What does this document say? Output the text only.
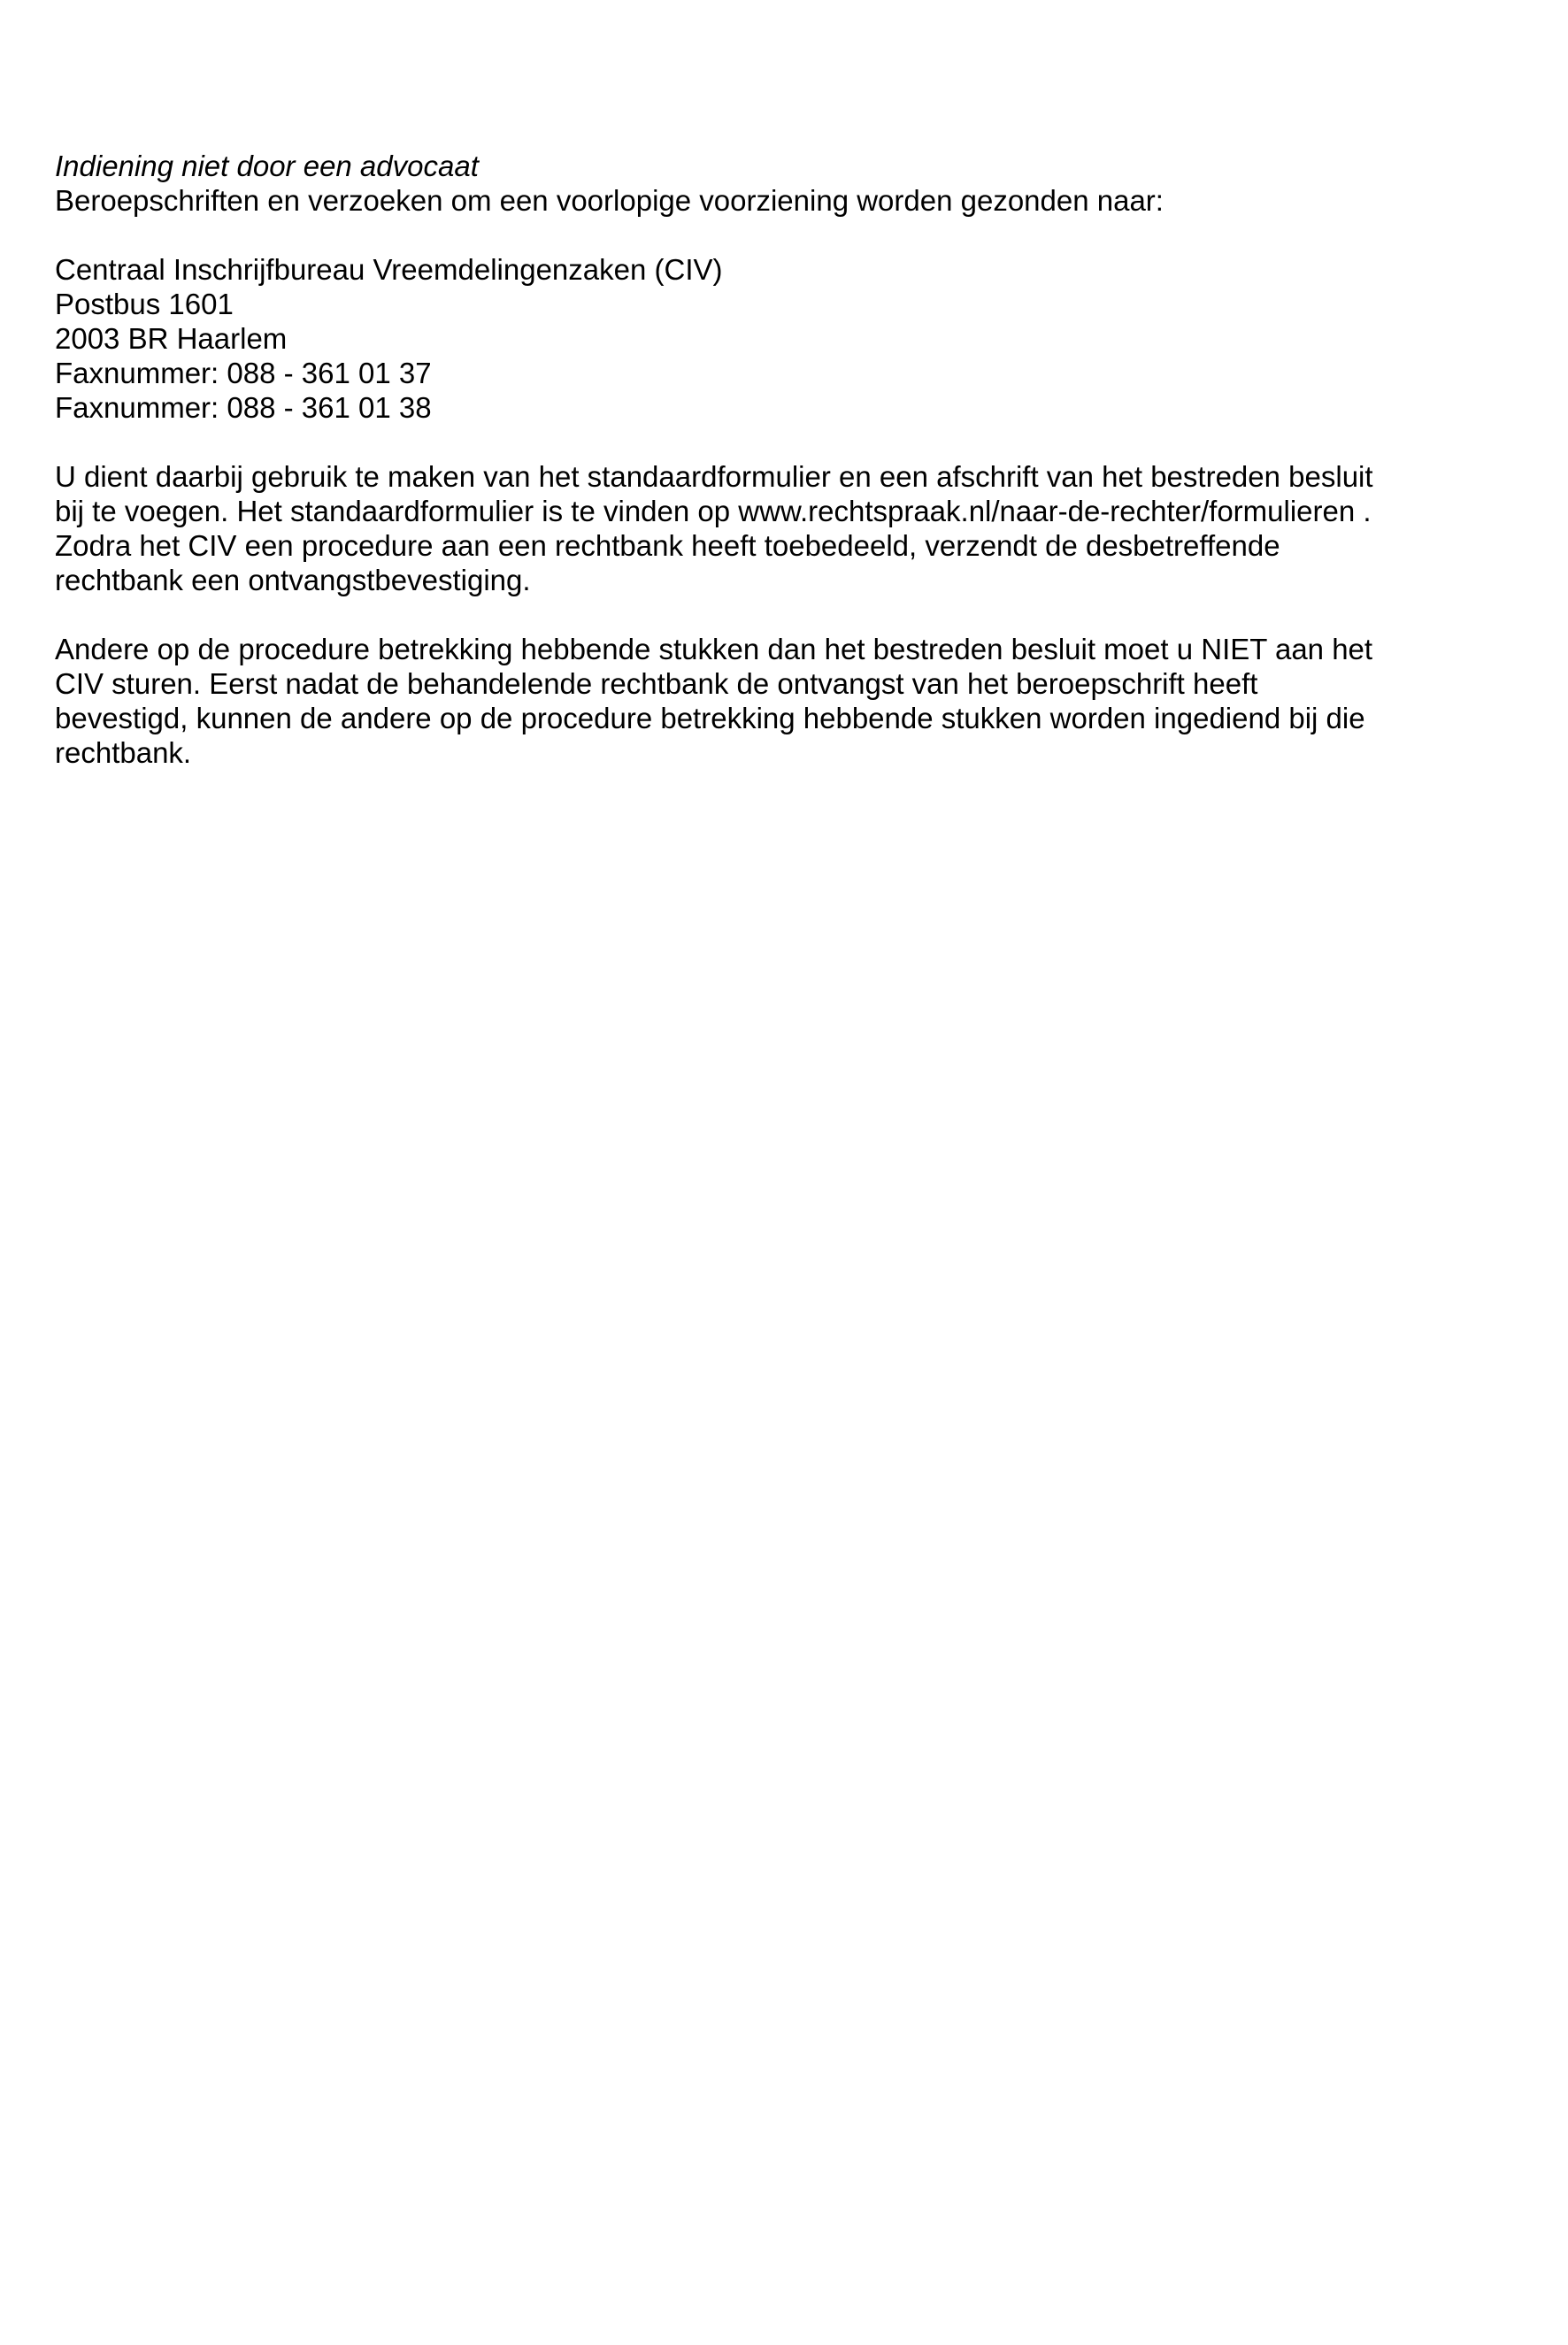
Indiening niet door een advocaat
Beroepschriften en verzoeken om een voorlopige voorziening worden gezonden naar:
Centraal Inschrijfbureau Vreemdelingenzaken (CIV)
Postbus 1601
2003 BR Haarlem
Faxnummer: 088 - 361 01 37
Faxnummer: 088 - 361 01 38
U dient daarbij gebruik te maken van het standaardformulier en een afschrift van het bestreden besluit
bij te voegen. Het standaardformulier is te vinden op www.rechtspraak.nl/naar-de-rechter/formulieren .
Zodra het CIV een procedure aan een rechtbank heeft toebedeeld, verzendt de desbetreffende
rechtbank een ontvangstbevestiging.
Andere op de procedure betrekking hebbende stukken dan het bestreden besluit moet u NIET aan het
CIV sturen. Eerst nadat de behandelende rechtbank de ontvangst van het beroepschrift heeft
bevestigd, kunnen de andere op de procedure betrekking hebbende stukken worden ingediend bij die
rechtbank.
